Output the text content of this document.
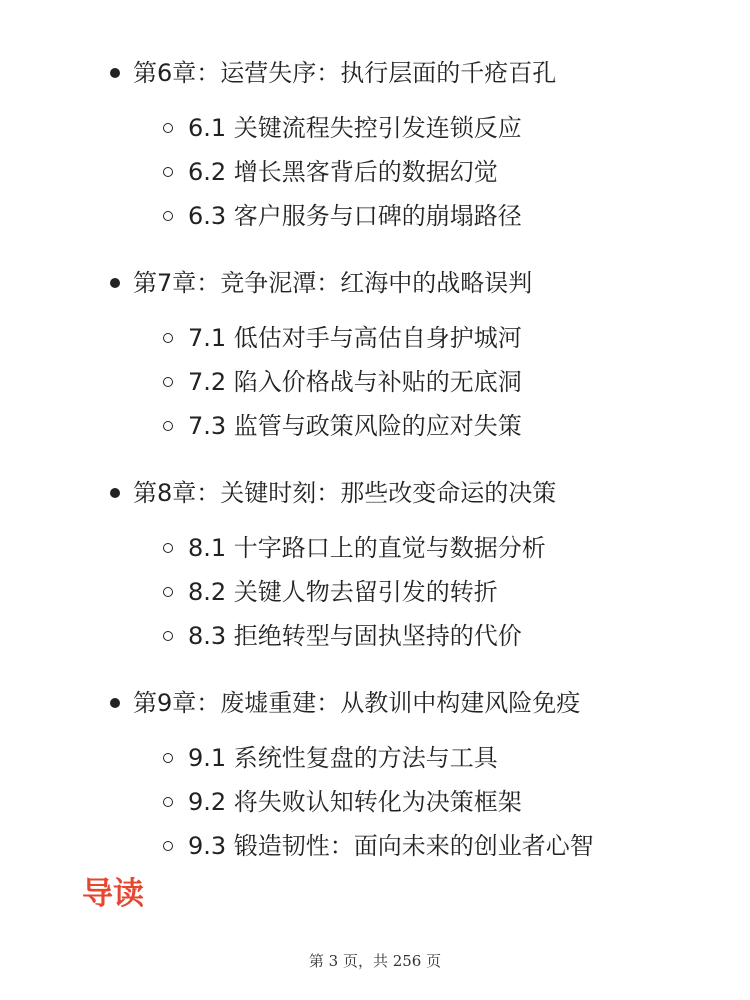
第6章：运营失序：执行层面的千疮百孔
6.1 关键流程失控引发连锁反应
6.2 增长黑客背后的数据幻觉
6.3 客户服务与口碑的崩塌路径
第7章：竞争泥潭：红海中的战略误判
7.1 低估对手与高估自身护城河
7.2 陷入价格战与补贴的无底洞
7.3 监管与政策风险的应对失策
第8章：关键时刻：那些改变命运的决策
8.1 十字路口上的直觉与数据分析
8.2 关键人物去留引发的转折
8.3 拒绝转型与固执坚持的代价
第9章：废墟重建：从教训中构建风险免疫
9.1 系统性复盘的方法与工具
9.2 将失败认知转化为决策框架
9.3 锻造韧性：面向未来的创业者心智
导读
第 3 页，共 256 页
